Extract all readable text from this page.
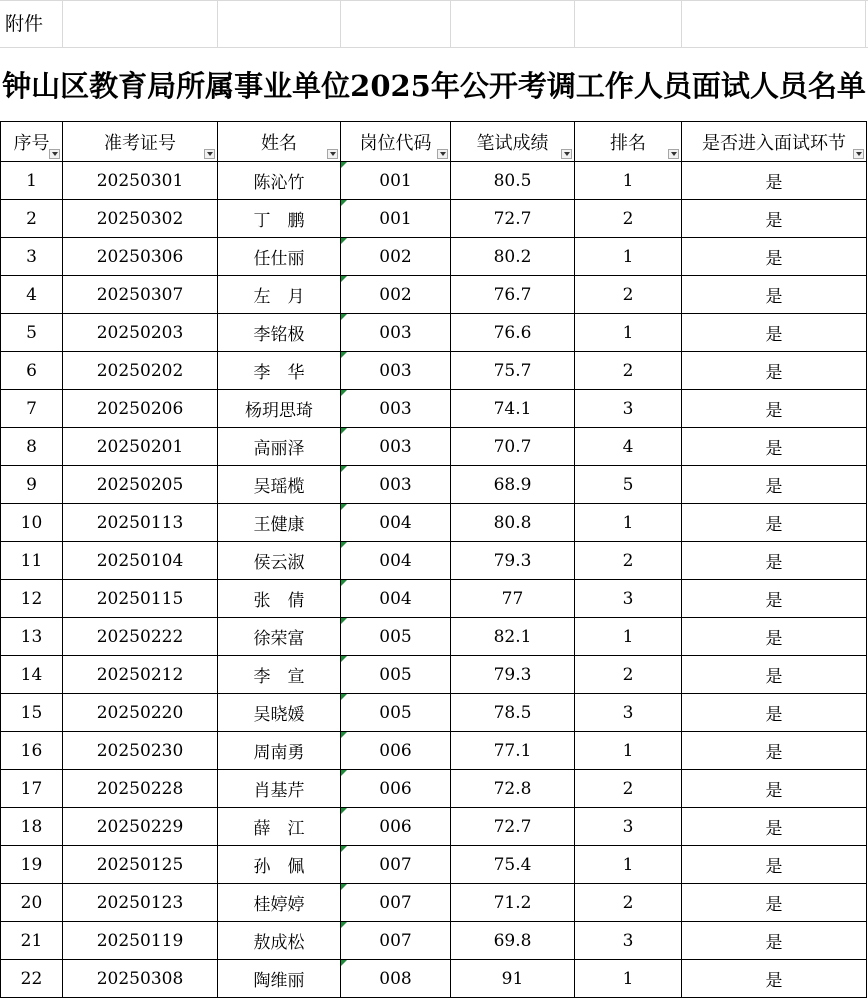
附件
钟山区教育局所属事业单位2025年公开考调工作人员面试人员名单
序号	准考证号	姓名	岗位代码	笔试成绩	排名	是否进入面试环节

1	20250301	陈沁竹	001	80.5	1	是
2	20250302	丁　鹏	001	72.7	2	是
3	20250306	任仕丽	002	80.2	1	是
4	20250307	左　月	002	76.7	2	是
5	20250203	李铭极	003	76.6	1	是
6	20250202	李　华	003	75.7	2	是
7	20250206	杨玥思琦	003	74.1	3	是
8	20250201	高丽泽	003	70.7	4	是
9	20250205	吴瑶榄	003	68.9	5	是
10	20250113	王健康	004	80.8	1	是
11	20250104	侯云淑	004	79.3	2	是
12	20250115	张　倩	004	77	3	是
13	20250222	徐荣富	005	82.1	1	是
14	20250212	李　宣	005	79.3	2	是
15	20250220	吴晓媛	005	78.5	3	是
16	20250230	周南勇	006	77.1	1	是
17	20250228	肖基芹	006	72.8	2	是
18	20250229	薛　江	006	72.7	3	是
19	20250125	孙　佩	007	75.4	1	是
20	20250123	桂婷婷	007	71.2	2	是
21	20250119	敖成松	007	69.8	3	是
22	20250308	陶维丽	008	91	1	是
